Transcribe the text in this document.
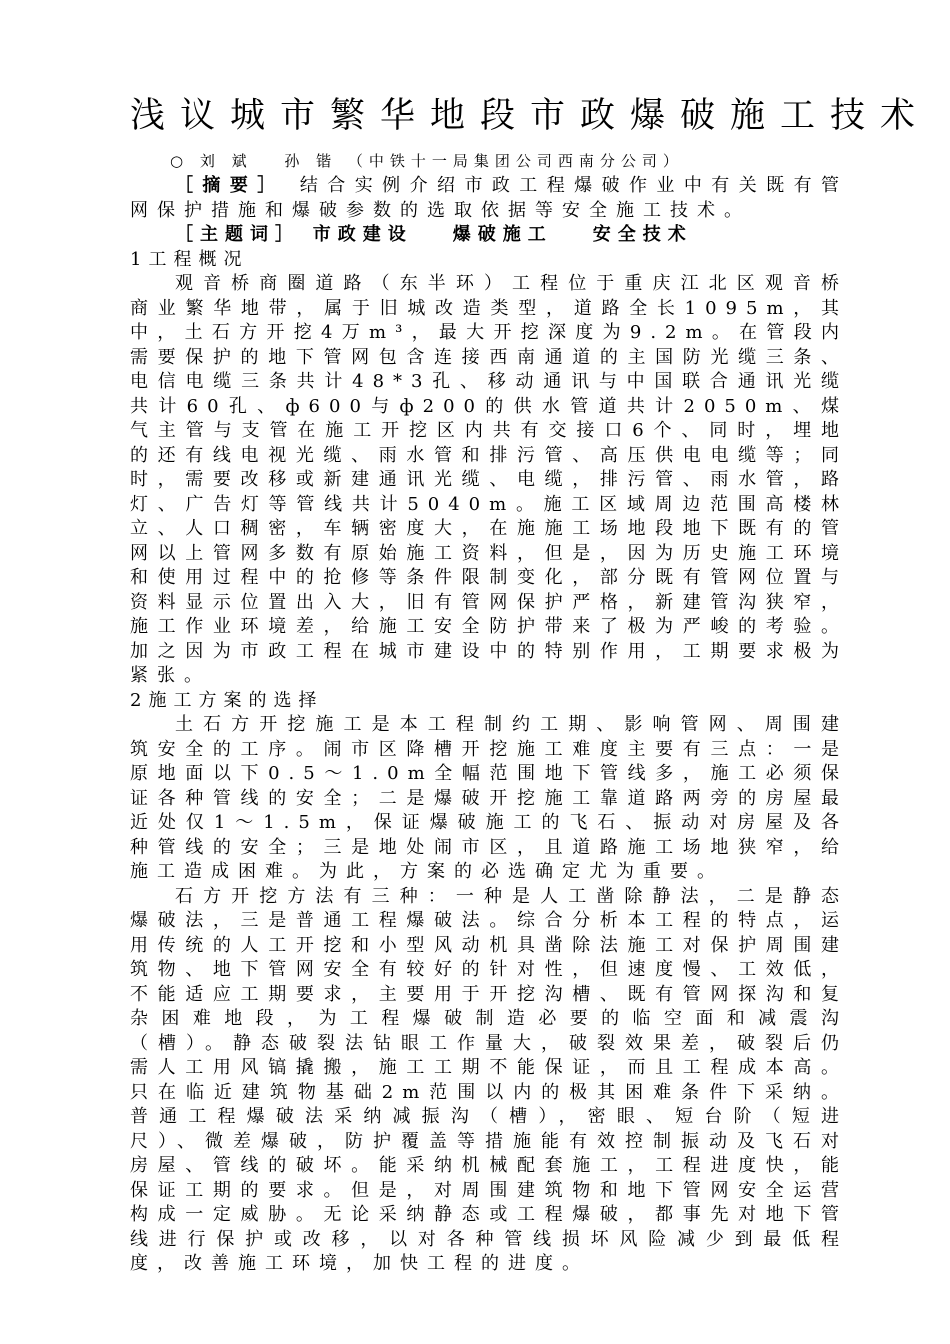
浅议城市繁华地段市政爆破施工技术
○ 刘 斌　 孙 锴 （中铁十一局集团公司西南分公司）

［摘要］ 结合实例介绍市政工程爆破作业中有关既有管网保护措施和爆破参数的选取依据等安全施工技术。

［主题词］ 市政建设 爆破施工 安全技术

1工程概况

观音桥商圈道路（东半环）工程位于重庆江北区观音桥商业繁华地带，属于旧城改造类型，道路全长1095m，其中，土石方开挖4万m³，最大开挖深度为9.2m。在管段内需要保护的地下管网包含连接西南通道的主国防光缆三条、电信电缆三条共计48*3孔、移动通讯与中国联合通讯光缆共计60孔、ф600与ф200的供水管道共计2050m、煤气主管与支管在施工开挖区内共有交接口6个、同时，埋地的还有线电视光缆、雨水管和排污管、高压供电电缆等；同时，需要改移或新建通讯光缆、电缆，排污管、雨水管，路灯、广告灯等管线共计5040m。施工区域周边范围高楼林立、人口稠密，车辆密度大，在施施工场地段地下既有的管网以上管网多数有原始施工资料，但是，因为历史施工环境和使用过程中的抢修等条件限制变化，部分既有管网位置与资料显示位置出入大，旧有管网保护严格，新建管沟狭窄，施工作业环境差，给施工安全防护带来了极为严峻的考验。加之因为市政工程在城市建设中的特别作用，工期要求极为紧张。

2施工方案的选择

土石方开挖施工是本工程制约工期、影响管网、周围建筑安全的工序。闹市区降槽开挖施工难度主要有三点：一是原地面以下0.5～1.0m全幅范围地下管线多，施工必须保证各种管线的安全；二是爆破开挖施工靠道路两旁的房屋最近处仅1～1.5m，保证爆破施工的飞石、振动对房屋及各种管线的安全；三是地处闹市区，且道路施工场地狭窄，给施工造成困难。为此，方案的必选确定尤为重要。

石方开挖方法有三种：一种是人工凿除静法，二是静态爆破法，三是普通工程爆破法。综合分析本工程的特点，运用传统的人工开挖和小型风动机具凿除法施工对保护周围建筑物、地下管网安全有较好的针对性，但速度慢、工效低，不能适应工期要求，主要用于开挖沟槽、既有管网探沟和复杂困难地段，为工程爆破制造必要的临空面和减震沟（槽）。静态破裂法钻眼工作量大，破裂效果差，破裂后仍需人工用风镐撬搬，施工工期不能保证，而且工程成本高。只在临近建筑物基础2m范围以内的极其困难条件下采纳。普通工程爆破法采纳减振沟（槽），密眼、短台阶（短进尺）、微差爆破，防护覆盖等措施能有效控制振动及飞石对房屋、管线的破坏。能采纳机械配套施工，工程进度快，能保证工期的要求。但是，对周围建筑物和地下管网安全运营构成一定威胁。无论采纳静态或工程爆破，都事先对地下管线进行保护或改移，以对各种管线损坏风险减少到最低程度，改善施工环境，加快工程的进度。
